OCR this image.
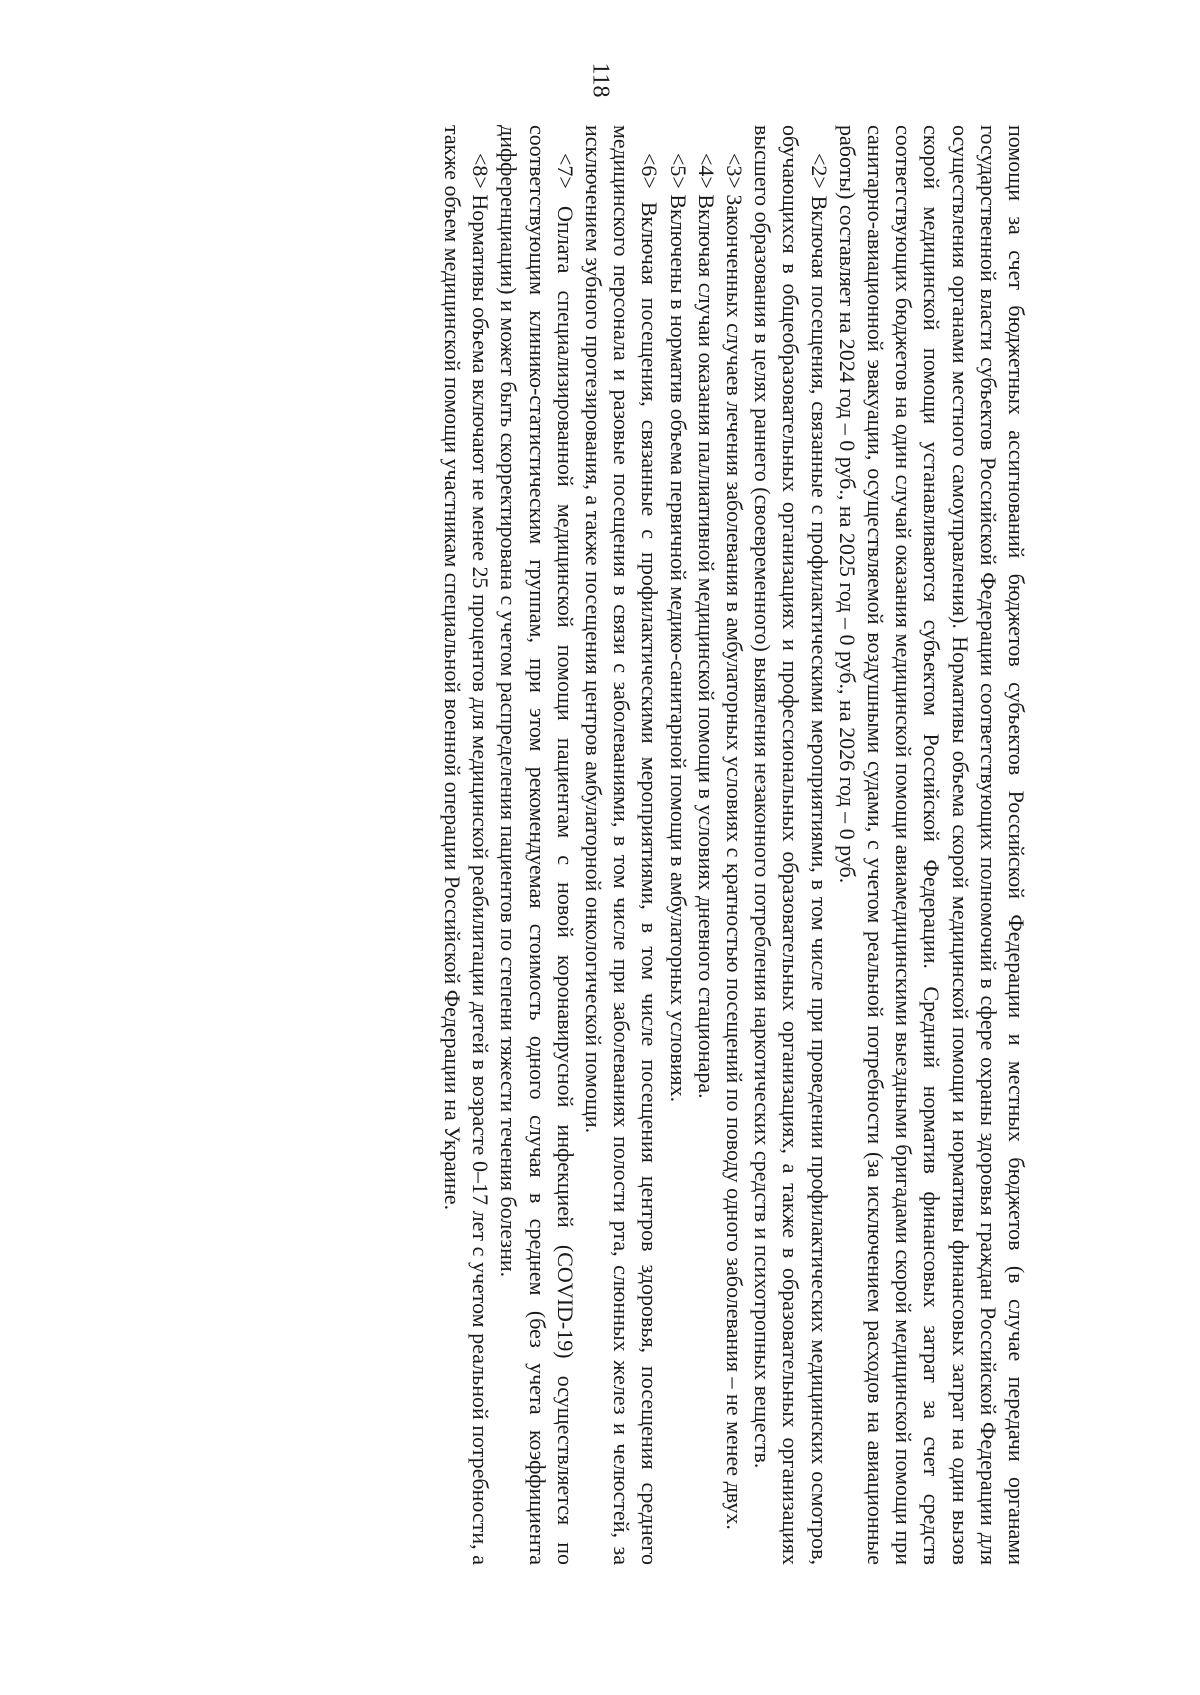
118

помощи за счет бюджетных ассигнований бюджетов субъектов Российской Федерации и местных бюджетов (в случае передачи органами государственной власти субъектов Российской Федерации соответствующих полномочий в сфере охраны здоровья граждан Российской Федерации для осуществления органами местного самоуправления). Нормативы объема скорой медицинской помощи и нормативы финансовых затрат на один вызов скорой медицинской помощи устанавливаются субъектом Российской Федерации. Средний норматив финансовых затрат за счет средств соответствующих бюджетов на один случай оказания медицинской помощи авиамедицинскими выездными бригадами скорой медицинской помощи при санитарно-авиационной эвакуации, осуществляемой воздушными судами, с учетом реальной потребности (за исключением расходов на авиационные работы) составляет на 2024 год – 0 руб., на 2025 год – 0 руб., на 2026 год – 0 руб.

<2> Включая посещения, связанные с профилактическими мероприятиями, в том числе при проведении профилактических медицинских осмотров, обучающихся в общеобразовательных организациях и профессиональных образовательных организациях, а также в образовательных организациях высшего образования в целях раннего (своевременного) выявления незаконного потребления наркотических средств и психотропных веществ.

<3> Законченных случаев лечения заболевания в амбулаторных условиях с кратностью посещений по поводу одного заболевания – не менее двух.

<4> Включая случаи оказания паллиативной медицинской помощи в условиях дневного стационара.

<5> Включены в норматив объема первичной медико-санитарной помощи в амбулаторных условиях.

<6> Включая посещения, связанные с профилактическими мероприятиями, в том числе посещения центров здоровья, посещения среднего медицинского персонала и разовые посещения в связи с заболеваниями, в том числе при заболеваниях полости рта, слюнных желез и челюстей, за исключением зубного протезирования, а также посещения центров амбулаторной онкологической помощи.

<7> Оплата специализированной медицинской помощи пациентам с новой коронавирусной инфекцией (COVID-19) осуществляется по соответствующим клинико-статистическим группам, при этом рекомендуемая стоимость одного случая в среднем (без учета коэффициента дифференциации) и может быть скорректирована с учетом распределения пациентов по степени тяжести течения болезни.

<8> Нормативы объема включают не менее 25 процентов для медицинской реабилитации детей в возрасте 0–17 лет с учетом реальной потребности, а также объем медицинской помощи участникам специальной военной операции Российской Федерации на Украине.
